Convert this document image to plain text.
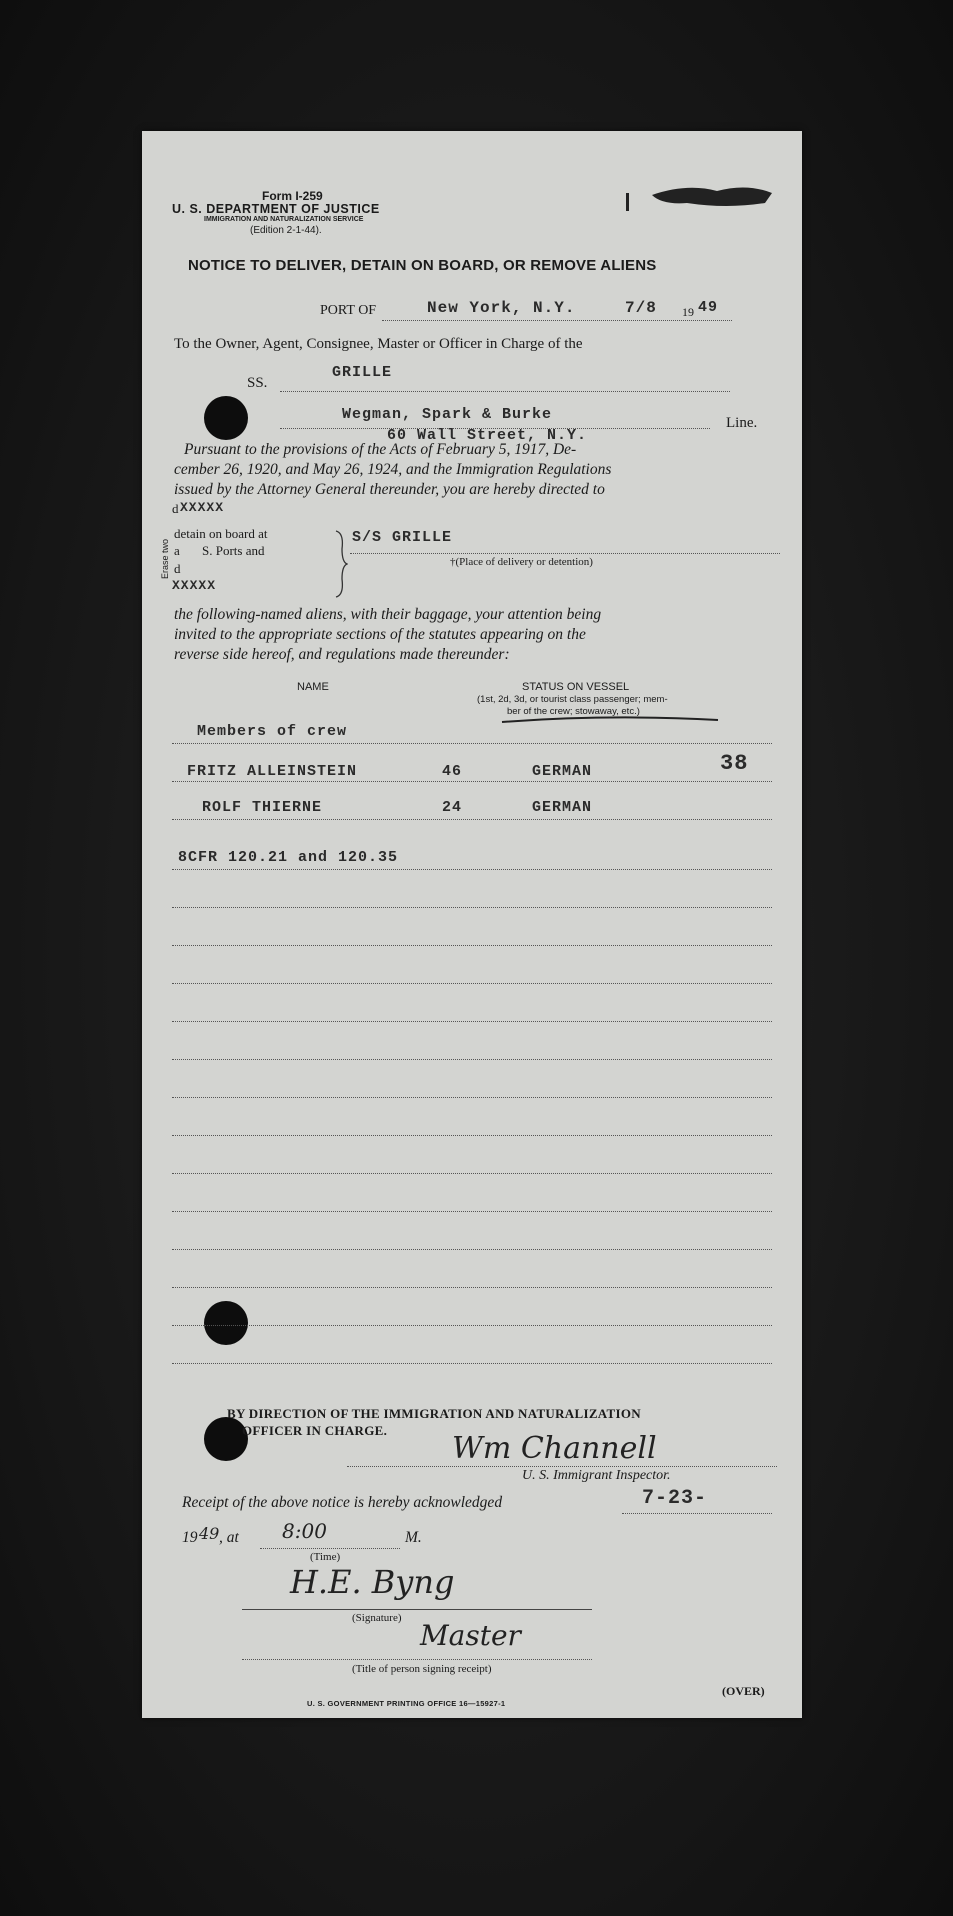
Form I-259
U. S. DEPARTMENT OF JUSTICE
IMMIGRATION AND NATURALIZATION SERVICE
(Edition 2-1-44).
NOTICE TO DELIVER, DETAIN ON BOARD, OR REMOVE ALIENS
PORT OF	New York, N.Y.	7/8 19 49
To the Owner, Agent, Consignee, Master or Officer in Charge of the
SS.
GRILLE
Wegman, Spark & Burke	Line.
60 Wall Street, N.Y.
Pursuant to the provisions of the Acts of February 5, 1917, De-
cember 26, 1920, and May 26, 1924, and the Immigration Regulations
issued by the Attorney General thereunder, you are hereby directed to
Erase two
d XXXXX
detain on board at
a S. Ports and
d
XXXXX
S/S GRILLE
†(Place of delivery or detention)
the following-named aliens, with their baggage, your attention being
invited to the appropriate sections of the statutes appearing on the
reverse side hereof, and regulations made thereunder:
NAME	STATUS ON VESSEL
(1st, 2d, 3d, or tourist class passenger; mem-
ber of the crew; stowaway, etc.)
Members of crew
FRITZ ALLEINSTEIN	46	GERMAN	38
ROLF THIERNE	24	GERMAN
8CFR 120.21 and 120.35
BY DIRECTION OF THE IMMIGRATION AND NATURALIZATION
OFFICER IN CHARGE.
Wm Channell
U. S. Immigrant Inspector.
Receipt of the above notice is hereby acknowledged	7-23-
19 49 , at 8:00	M.
(Time)
H.E. Byng
(Signature)
Master
(Title of person signing receipt)
U. S. GOVERNMENT PRINTING OFFICE 16—15927-1
(OVER)
